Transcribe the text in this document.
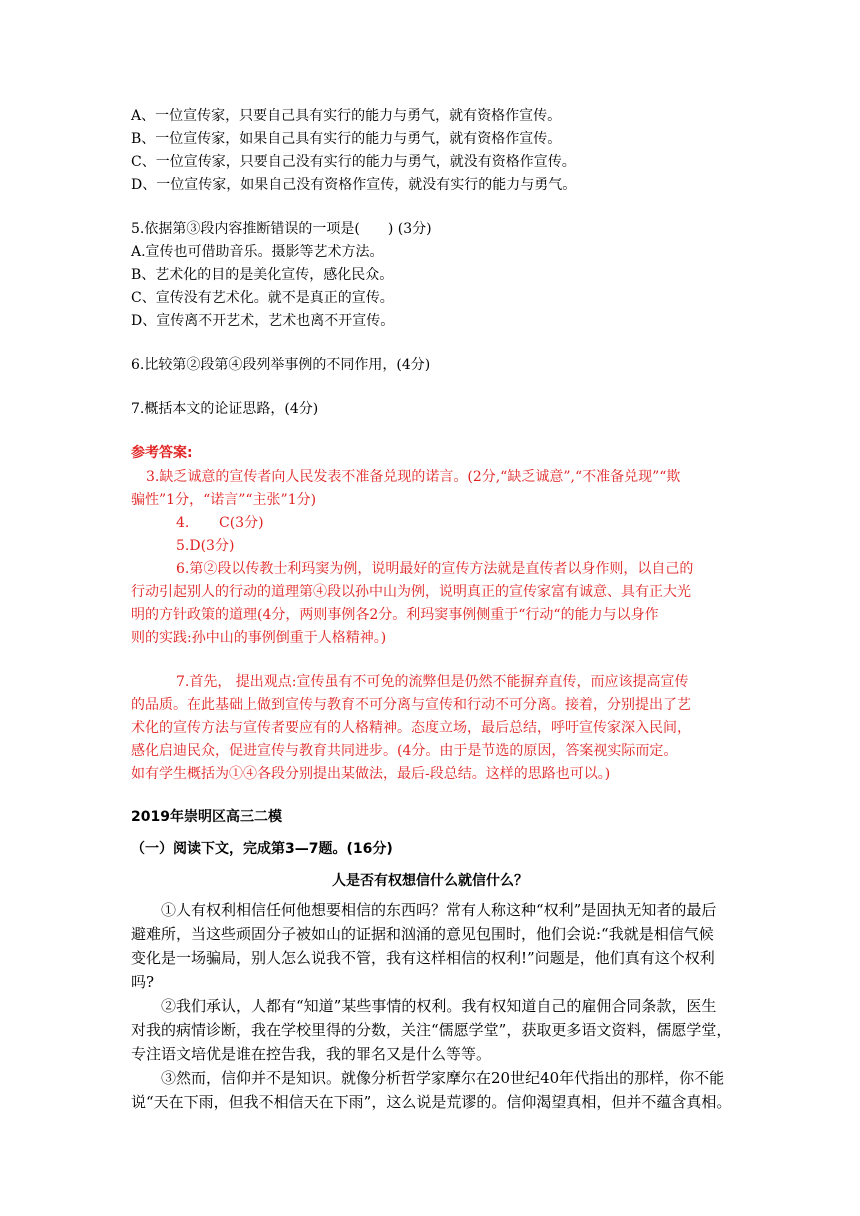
A、一位宣传家，只要自己具有实行的能力与勇气，就有资格作宣传。
B、一位宣传家，如果自己具有实行的能力与勇气，就有资格作宣传。
C、一位宣传家，只要自己没有实行的能力与勇气，就没有资格作宣传。
D、一位宣传家，如果自己没有资格作宣传，就没有实行的能力与勇气。
5.依据第③段内容推断错误的一项是(　　) (3分)
A.宣传也可借助音乐。摄影等艺术方法。
B、艺术化的目的是美化宣传，感化民众。
C、宣传没有艺术化。就不是真正的宣传。
D、宣传离不开艺术，艺术也离不开宣传。
6.比较第②段第④段列举事例的不同作用，(4分)
7.概括本文的论证思路，(4分)
参考答案:
3.缺乏诚意的宣传者向人民发表不准备兑现的诺言。(2分,“缺乏诚意”,“不准备兑现”“欺
骗性”1分，“诺言”“主张”1分)
4. C(3分)
5.D(3分)
6.第②段以传教士利玛窦为例，说明最好的宣传方法就是直传者以身作则，以自己的
行动引起别人的行动的道理第④段以孙中山为例，说明真正的宣传家富有诚意、具有正大光
明的方针政策的道理(4分，两则事例各2分。利玛窦事例侧重于“行动“的能力与以身作
则的实践:孙中山的事例倒重于人格精神。)
7.首先， 提出观点:宣传虽有不可免的流弊但是仍然不能摒弃直传，而应该提高宣传
的品质。在此基础上做到宣传与教育不可分离与宣传和行动不可分离。接着，分别提出了艺
术化的宣传方法与宣传者要应有的人格精神。态度立场，最后总结，呼吁宣传家深入民间，
感化启迪民众，促进宣传与教育共同进步。(4分。由于是节选的原因，答案视实际而定。
如有学生概括为①④各段分别提出某做法，最后-段总结。这样的思路也可以。)
2019年崇明区高三二模
（一）阅读下文，完成第3—7题。(16分)
人是否有权想信什么就信什么？
①人有权利相信任何他想要相信的东西吗？常有人称这种“权利”是固执无知者的最后
避难所，当这些顽固分子被如山的证据和汹涌的意见包围时，他们会说:“我就是相信气候
变化是一场骗局，别人怎么说我不管，我有这样相信的权利!”问题是，他们真有这个权利
吗?
②我们承认，人都有“知道”某些事情的权利。我有权知道自己的雇佣合同条款，医生
对我的病情诊断，我在学校里得的分数，关注“儒愿学堂”，获取更多语文资料，儒愿学堂，
专注语文培优是谁在控告我，我的罪名又是什么等等。
③然而，信仰并不是知识。就像分析哲学家摩尔在20世纪40年代指出的那样，你不能
说“天在下雨，但我不相信天在下雨”，这么说是荒谬的。信仰渴望真相，但并不蕴含真相。
